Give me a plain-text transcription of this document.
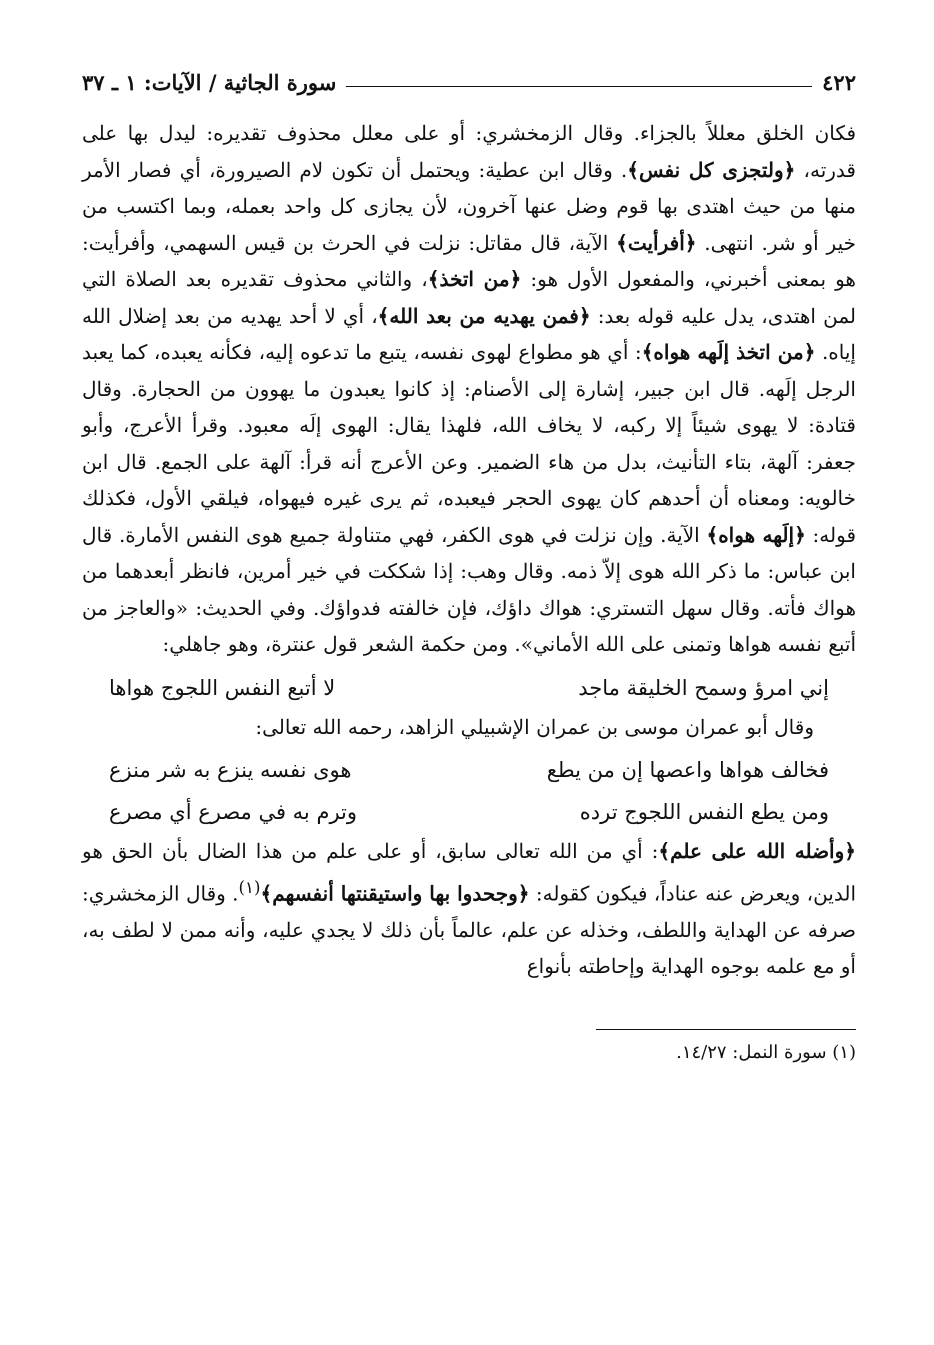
٤٢٢
سورة الجاثية / الآيات: ١ ـ ٣٧

فكان الخلق معللاً بالجزاء. وقال الزمخشري: أو على معلل محذوف تقديره: ليدل بها على قدرته، ﴿ولتجزى كل نفس﴾. وقال ابن عطية: ويحتمل أن تكون لام الصيرورة، أي فصار الأمر منها من حيث اهتدى بها قوم وضل عنها آخرون، لأن يجازى كل واحد بعمله، وبما اكتسب من خير أو شر. انتهى. ﴿أفرأيت﴾ الآية، قال مقاتل: نزلت في الحرث بن قيس السهمي، وأفرأيت: هو بمعنى أخبرني، والمفعول الأول هو: ﴿من اتخذ﴾، والثاني محذوف تقديره بعد الصلاة التي لمن اهتدى، يدل عليه قوله بعد: ﴿فمن يهديه من بعد الله﴾، أي لا أحد يهديه من بعد إضلال الله إياه. ﴿من اتخذ إلَهه هواه﴾: أي هو مطواع لهوى نفسه، يتبع ما تدعوه إليه، فكأنه يعبده، كما يعبد الرجل إلَهه. قال ابن جبير، إشارة إلى الأصنام: إذ كانوا يعبدون ما يهوون من الحجارة. وقال قتادة: لا يهوى شيئاً إلا ركبه، لا يخاف الله، فلهذا يقال: الهوى إلَه معبود. وقرأ الأعرج، وأبو جعفر: آلهة، بتاء التأنيث، بدل من هاء الضمير. وعن الأعرج أنه قرأ: آلهة على الجمع. قال ابن خالويه: ومعناه أن أحدهم كان يهوى الحجر فيعبده، ثم يرى غيره فيهواه، فيلقي الأول، فكذلك قوله: ﴿إلَهه هواه﴾ الآية. وإن نزلت في هوى الكفر، فهي متناولة جميع هوى النفس الأمارة. قال ابن عباس: ما ذكر الله هوى إلاّ ذمه. وقال وهب: إذا شككت في خير أمرين، فانظر أبعدهما من هواك فأته. وقال سهل التستري: هواك داؤك، فإن خالفته فدواؤك. وفي الحديث: «والعاجز من أتبع نفسه هواها وتمنى على الله الأماني». ومن حكمة الشعر قول عنترة، وهو جاهلي:

إني امرؤ وسمح الخليقة ماجد
لا أتبع النفس اللجوج هواها

وقال أبو عمران موسى بن عمران الإشبيلي الزاهد، رحمه الله تعالى:

فخالف هواها واعصها إن من يطع
هوى نفسه ينزع به شر منزع
ومن يطع النفس اللجوج ترده
وترم به في مصرع أي مصرع

﴿وأضله الله على علم﴾: أي من الله تعالى سابق، أو على علم من هذا الضال بأن الحق هو الدين، ويعرض عنه عناداً، فيكون كقوله: ﴿وجحدوا بها واستيقنتها أنفسهم﴾$^{(١)}$. وقال الزمخشري: صرفه عن الهداية واللطف، وخذله عن علم، عالماً بأن ذلك لا يجدي عليه، وأنه ممن لا لطف به، أو مع علمه بوجوه الهداية وإحاطته بأنواع

(١) سورة النمل: ١٤/٢٧.
